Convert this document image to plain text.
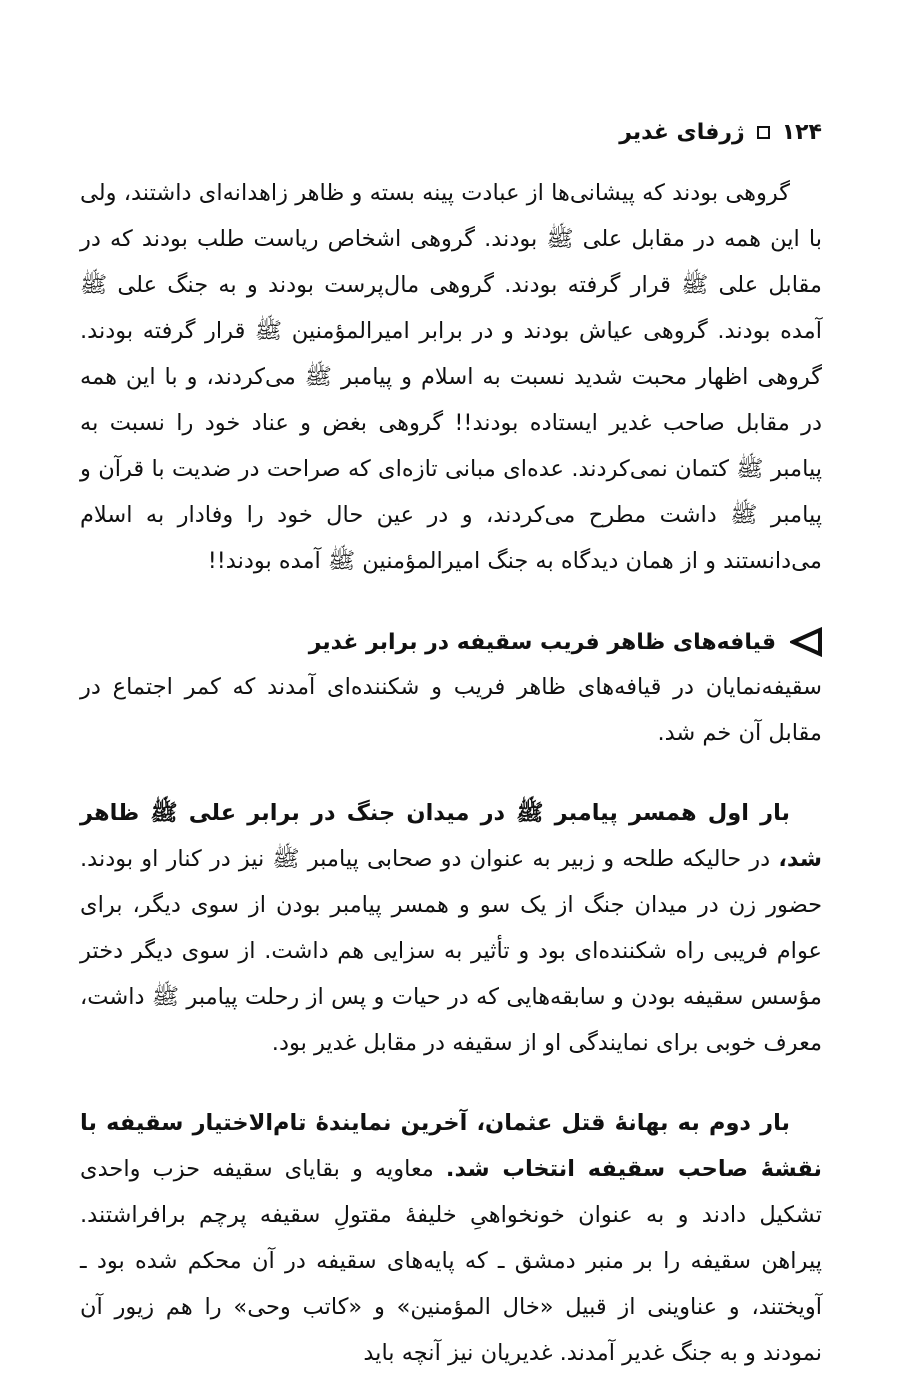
۱۲۴
ژرفای غدیر

گروهی بودند که پیشانی‌ها از عبادت پینه بسته و ظاهر زاهدانه‌ای داشتند، ولی با این همه در مقابل علی ﷺ بودند. گروهی اشخاص ریاست طلب بودند که در مقابل علی ﷺ قرار گرفته بودند. گروهی مال‌پرست بودند و به جنگ علی ﷺ آمده بودند. گروهی عیاش بودند و در برابر امیرالمؤمنین ﷺ قرار گرفته بودند. گروهی اظهار محبت شدید نسبت به اسلام و پیامبر ﷺ می‌کردند، و با این همه در مقابل صاحب غدیر ایستاده بودند!! گروهی بغض و عناد خود را نسبت به پیامبر ﷺ کتمان نمی‌کردند. عده‌ای مبانی تازه‌ای که صراحت در ضدیت با قرآن و پیامبر ﷺ داشت مطرح می‌کردند، و در عین حال خود را وفادار به اسلام می‌دانستند و از همان دیدگاه به جنگ امیرالمؤمنین ﷺ آمده بودند!!

قیافه‌های ظاهر فریب سقیفه در برابر غدیر

سقیفه‌نمایان در قیافه‌های ظاهر فریب و شکننده‌ای آمدند که کمر اجتماع در مقابل آن خم شد.

بار اول همسر پیامبر ﷺ در میدان جنگ در برابر علی ﷺ ظاهر شد، در حالیکه طلحه و زبیر به عنوان دو صحابی پیامبر ﷺ نیز در کنار او بودند. حضور زن در میدان جنگ از یک سو و همسر پیامبر بودن از سوی دیگر، برای عوام فریبی راه شکننده‌ای بود و تأثیر به سزایی هم داشت. از سوی دیگر دختر مؤسس سقیفه بودن و سابقه‌هایی که در حیات و پس از رحلت پیامبر ﷺ داشت، معرف خوبی برای نمایندگی او از سقیفه در مقابل غدیر بود.

بار دوم به بهانهٔ قتل عثمان، آخرین نمایندهٔ تام‌الاختیار سقیفه با نقشهٔ صاحب سقیفه انتخاب شد. معاویه و بقایای سقیفه حزب واحدی تشکیل دادند و به عنوان خونخواهیِ خلیفهٔ مقتولِ سقیفه پرچم برافراشتند. پیراهن سقیفه را بر منبر دمشق ـ که پایه‌های سقیفه در آن محکم شده بود ـ آویختند، و عناوینی از قبیل «خال المؤمنین» و «کاتب وحی» را هم زیور آن نمودند و به جنگ غدیر آمدند. غدیریان نیز آنچه باید
